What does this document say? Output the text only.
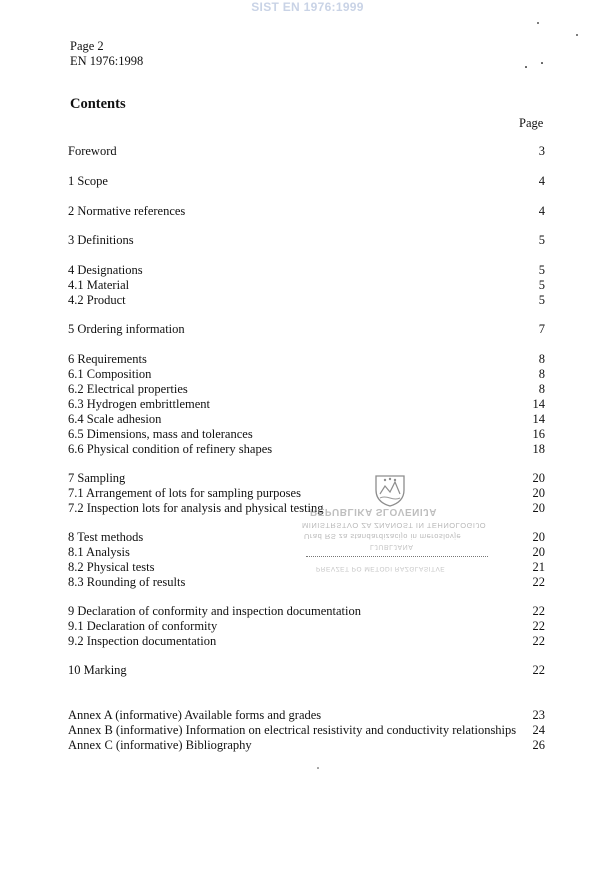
SIST EN 1976:1999
Page 2
EN 1976:1998
Contents
Page
Foreword	3
1 Scope	4
2 Normative references	4
3 Definitions	5
4 Designations	5
4.1 Material	5
4.2 Product	5
5 Ordering information	7
6 Requirements	8
6.1 Composition	8
6.2 Electrical properties	8
6.3 Hydrogen embrittlement	14
6.4 Scale adhesion	14
6.5 Dimensions, mass and tolerances	16
6.6 Physical condition of refinery shapes	18
7 Sampling	20
7.1 Arrangement of lots for sampling purposes	20
7.2 Inspection lots for analysis and physical testing	20
8 Test methods	20
8.1 Analysis	20
8.2 Physical tests	21
8.3 Rounding of results	22
9 Declaration of conformity and inspection documentation	22
9.1 Declaration of conformity	22
9.2 Inspection documentation	22
10 Marking	22
Annex A (informative) Available forms and grades	23
Annex B (informative) Information on electrical resistivity and conductivity relationships 24
Annex C (informative) Bibliography	26
REPUBLIKA SLOVENIJA
MINISTRSTVO ZA ZNANOST IN TEHNOLOGIJO
Urad RS za standardizacijo in meroslovje
LJUBLJANA
PREVZET PO METODI RAZGLASITVE
